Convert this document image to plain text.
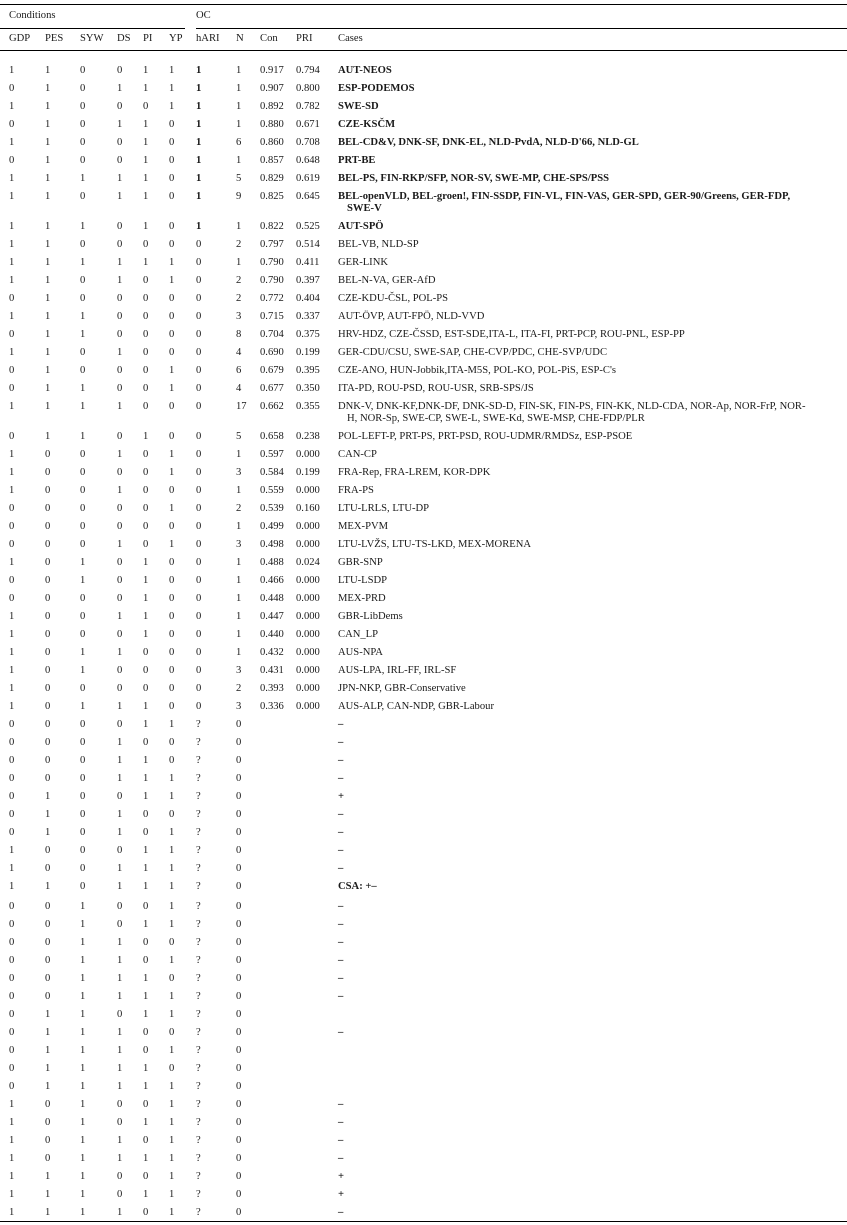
Conditions	OC
GDP PES SYW DS PI YP hARI N Con PRI Cases
1	1	0	0 1 1 1	1 0.917 0.794 AUT-NEOS
0	1	0	1 1 1 1	1 0.907 0.800 ESP-PODEMOS
1	1	0	0 0 1 1	1 0.892 0.782 SWE-SD
0	1	0	1 1 0 1	1 0.880 0.671 CZE-KSČM
1	1	0	0 1 0 1	6 0.860 0.708 BEL-CD&V, DNK-SF, DNK-EL, NLD-PvdA, NLD-D'66, NLD-GL
0	1	0	0 1 0 1	1 0.857 0.648 PRT-BE
1	1	1	1 1 0 1	5 0.829 0.619 BEL-PS, FIN-RKP/SFP, NOR-SV, SWE-MP, CHE-SPS/PSS
1	1	0	1 1 0 1	9 0.825 0.645 BEL-openVLD, BEL-groen!, FIN-SSDP, FIN-VL, FIN-VAS, GER-SPD, GER-90/Greens, GER-FDP,
SWE-V
1	1	1	0 1 0 1	1 0.822 0.525 AUT-SPÖ
1	1	0	0 0 0 0	2 0.797 0.514 BEL-VB, NLD-SP
1	1	1	1 1 1 0	1 0.790 0.411 GER-LINK
1	1	0	1 0 1 0	2 0.790 0.397 BEL-N-VA, GER-AfD
0	1	0	0 0 0 0	2 0.772 0.404 CZE-KDU-ČSL, POL-PS
1	1	1	0 0 0 0	3 0.715 0.337 AUT-ÖVP, AUT-FPÖ, NLD-VVD
0	1	1	0 0 0 0	8 0.704 0.375 HRV-HDZ, CZE-ČSSD, EST-SDE,ITA-L, ITA-FI, PRT-PCP, ROU-PNL, ESP-PP
1	1	0	1 0 0 0	4 0.690 0.199 GER-CDU/CSU, SWE-SAP, CHE-CVP/PDC, CHE-SVP/UDC
0	1	0	0 0 1 0	6 0.679 0.395 CZE-ANO, HUN-Jobbik,ITA-M5S, POL-KO, POL-PiS, ESP-C's
0	1	1	0 0 1 0	4 0.677 0.350 ITA-PD, ROU-PSD, ROU-USR, SRB-SPS/JS
1	1	1	1 0 0 0	17 0.662 0.355 DNK-V, DNK-KF,DNK-DF, DNK-SD-D, FIN-SK, FIN-PS, FIN-KK, NLD-CDA, NOR-Ap, NOR-FrP, NOR-
H, NOR-Sp, SWE-CP, SWE-L, SWE-Kd, SWE-MSP, CHE-FDP/PLR
0	1	1	0 1 0 0	5 0.658 0.238 POL-LEFT-P, PRT-PS, PRT-PSD, ROU-UDMR/RMDSz, ESP-PSOE
1	0	0	1 0 1 0	1 0.597 0.000 CAN-CP
1	0	0	0 0 1 0	3 0.584 0.199 FRA-Rep, FRA-LREM, KOR-DPK
1	0	0	1 0 0 0	1 0.559 0.000 FRA-PS
0	0	0	0 0 1 0	2 0.539 0.160 LTU-LRLS, LTU-DP
0	0	0	0 0 0 0	1 0.499 0.000 MEX-PVM
0	0	0	1 0 1 0	3 0.498 0.000 LTU-LVŽS, LTU-TS-LKD, MEX-MORENA
1	0	1	0 1 0 0	1 0.488 0.024 GBR-SNP
0	0	1	0 1 0 0	1 0.466 0.000 LTU-LSDP
0	0	0	0 1 0 0	1 0.448 0.000 MEX-PRD
1	0	0	1 1 0 0	1 0.447 0.000 GBR-LibDems
1	0	0	0 1 0 0	1 0.440 0.000 CAN_LP
1	0	1	1 0 0 0	1 0.432 0.000 AUS-NPA
1	0	1	0 0 0 0	3 0.431 0.000 AUS-LPA, IRL-FF, IRL-SF
1	0	0	0 0 0 0	2 0.393 0.000 JPN-NKP, GBR-Conservative
1	0	1	1 1 0 0	3 0.336 0.000 AUS-ALP, CAN-NDP, GBR-Labour
0	0	0	0 1 1 ?	0	–
0	0	0	1 0 0 ?	0	–
0	0	0	1 1 0 ?	0	–
0	0	0	1 1 1 ?	0	–
0	1	0	0 1 1 ?	0	+
0	1	0	1 0 0 ?	0	–
0	1	0	1 0 1 ?	0	–
1	0	0	0 1 1 ?	0	–
1	0	0	1 1 1 ?	0	–
1	1	0	1 1 1 ?	0	CSA: +–
0	0	1	0 0 1 ?	0	–
0	0	1	0 1 1 ?	0	–
0	0	1	1 0 0 ?	0	–
0	0	1	1 0 1 ?	0	–
0	0	1	1 1 0 ?	0	–
0	0	1	1 1 1 ?	0	–
0	1	1	0 1 1 ?	0
0	1	1	1 0 0 ?	0	–
0	1	1	1 0 1 ?	0
0	1	1	1 1 0 ?	0
0	1	1	1 1 1 ?	0
1	0	1	0 0 1 ?	0	–
1	0	1	0 1 1 ?	0	–
1	0	1	1 0 1 ?	0	–
1	0	1	1 1 1 ?	0	–
1	1	1	0 0 1 ?	0	+
1	1	1	0 1 1 ?	0	+
1	1	1	1 0 1 ?	0	–
